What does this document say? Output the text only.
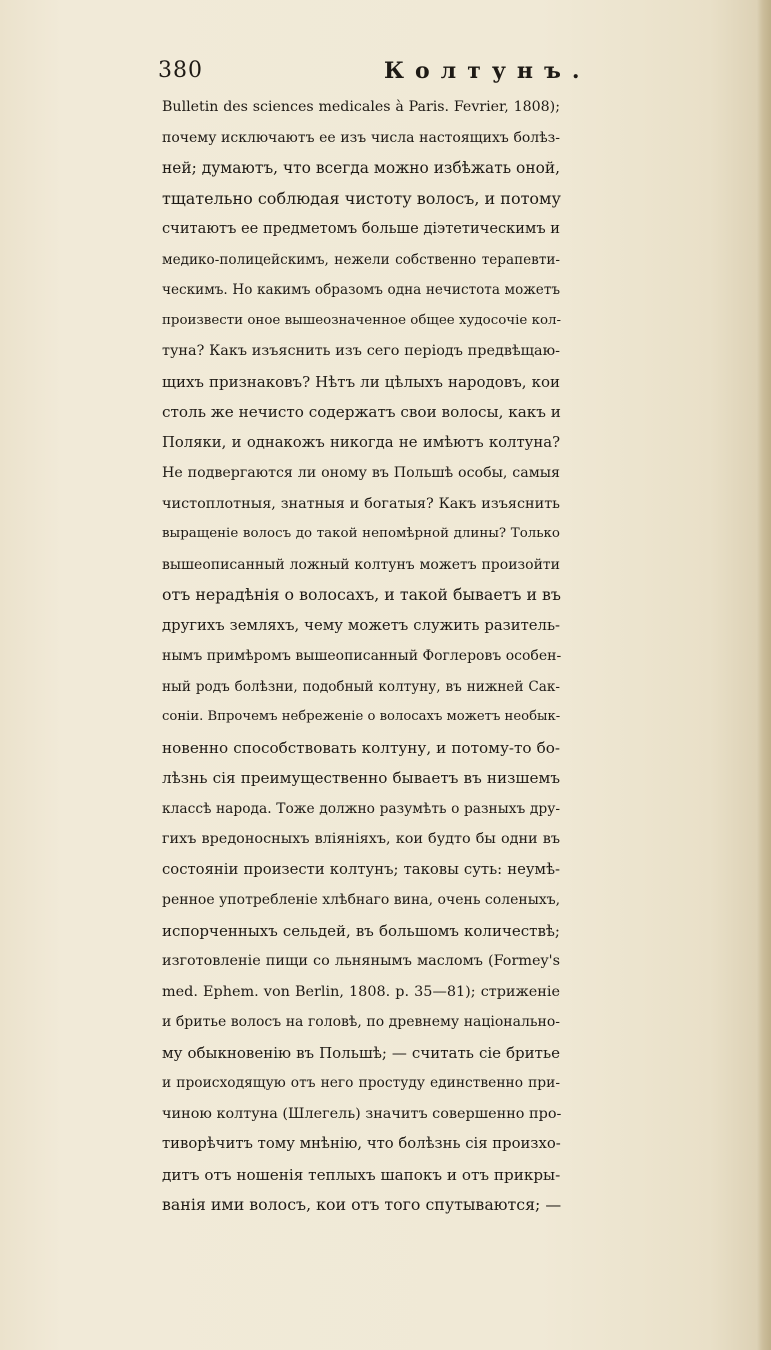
380	Колтунъ.
Bulletin des sciences medicales à Paris. Fevrier, 1808);
почему исключаютъ ее изъ числа настоящихъ болѣз-
ней; думаютъ, что всегда можно избѣжать оной,
тщательно соблюдая чистоту волосъ, и потому
считаютъ ее предметомъ больше діэтетическимъ и
медико-полицейскимъ, нежели собственно терапевти-
ческимъ. Но какимъ образомъ одна нечистота можетъ
произвести оное вышеозначенное общее худосочіе кол-
туна? Какъ изъяснить изъ сего періодъ предвѣщаю-
щихъ признаковъ? Нѣтъ ли цѣлыхъ народовъ, кои
столь же нечисто содержатъ свои волосы, какъ и
Поляки, и однакожъ никогда не имѣютъ колтуна?
Не подвергаются ли оному въ Польшѣ особы, самыя
чистоплотныя, знатныя и богатыя? Какъ изъяснить
выращеніе волосъ до такой непомѣрной длины? Только
вышеописанный ложный колтунъ можетъ произойти
отъ нерадѣнія о волосахъ, и такой бываетъ и въ
другихъ земляхъ, чему можетъ служить разитель-
нымъ примѣромъ вышеописанный Фоглеровъ особен-
ный родъ болѣзни, подобный колтуну, въ нижней Сак-
соніи. Впрочемъ небреженіе о волосахъ можетъ необык-
новенно способствовать колтуну, и потому-то бо-
лѣзнь сія преимущественно бываетъ въ низшемъ
классѣ народа. Тоже должно разумѣть о разныхъ дру-
гихъ вредоносныхъ вліяніяхъ, кои будто бы одни въ
состояніи произести колтунъ; таковы суть: неумѣ-
ренное употребленіе хлѣбнаго вина, очень соленыхъ,
испорченныхъ сельдей, въ большомъ количествѣ;
изготовленіе пищи со льнянымъ масломъ (Formey's
med. Ephem. von Berlin, 1808. p. 35—81); стриженіе
и бритье волосъ на головѣ, по древнему національно-
му обыкновенію въ Польшѣ; — считать сіе бритье
и происходящую отъ него простуду единственно при-
чиною колтуна (Шлегель) значитъ совершенно про-
тиворѣчитъ тому мнѣнію, что болѣзнь сія произхо-
дитъ отъ ношенія теплыхъ шапокъ и отъ прикры-
ванія ими волосъ, кои отъ того спутываются; —
